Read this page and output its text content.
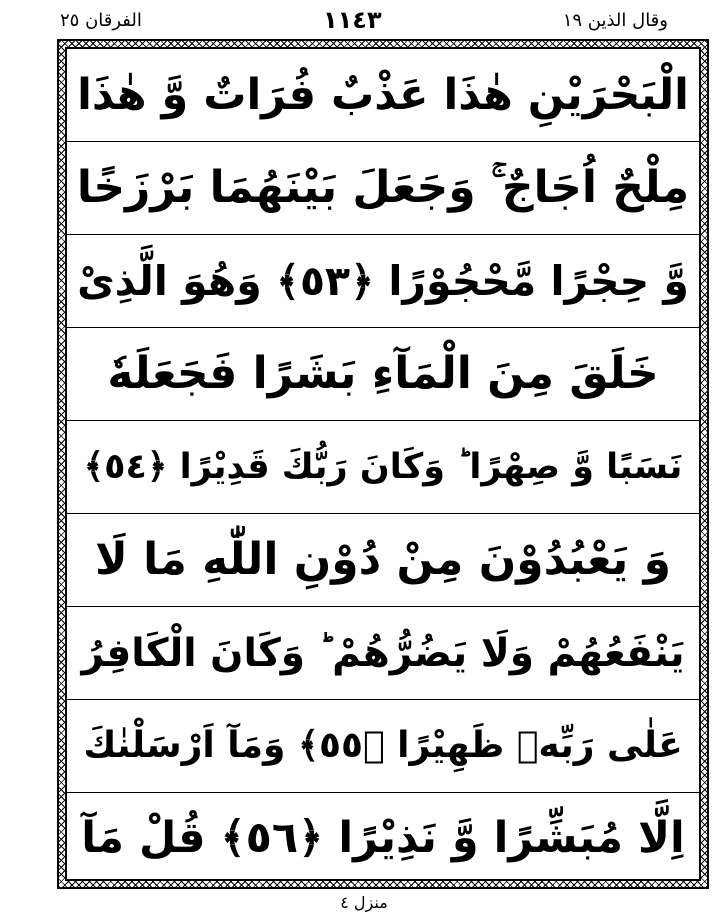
الفرقان ٢٥	١١٤٣	وقال الذين ١٩
الْبَحْرَيْنِ هٰذَا عَذْبٌ فُرَاتٌ وَّ هٰذَا
مِلْحٌ اُجَاجٌ ۚ وَجَعَلَ بَيْنَهُمَا بَرْزَخًا
وَّ حِجْرًا مَّحْجُوْرًا ﴿٥٣﴾ وَهُوَ الَّذِىْ
خَلَقَ مِنَ الْمَآءِ بَشَرًا فَجَعَلَهٗ
نَسَبًا وَّ صِهْرًا ؕ وَكَانَ رَبُّكَ قَدِيْرًا ﴿٥٤﴾
وَ يَعْبُدُوْنَ مِنْ دُوْنِ اللّٰهِ مَا لَا
يَنْفَعُهُمْ وَلَا يَضُرُّهُمْ ؕ وَكَانَ الْكَافِرُ
عَلٰى رَبِّهٖ ظَهِيْرًا ﴿٥٥﴾ وَمَآ اَرْسَلْنٰكَ
اِلَّا مُبَشِّرًا وَّ نَذِيْرًا ﴿٥٦﴾ قُلْ مَآ
منزل ٤
